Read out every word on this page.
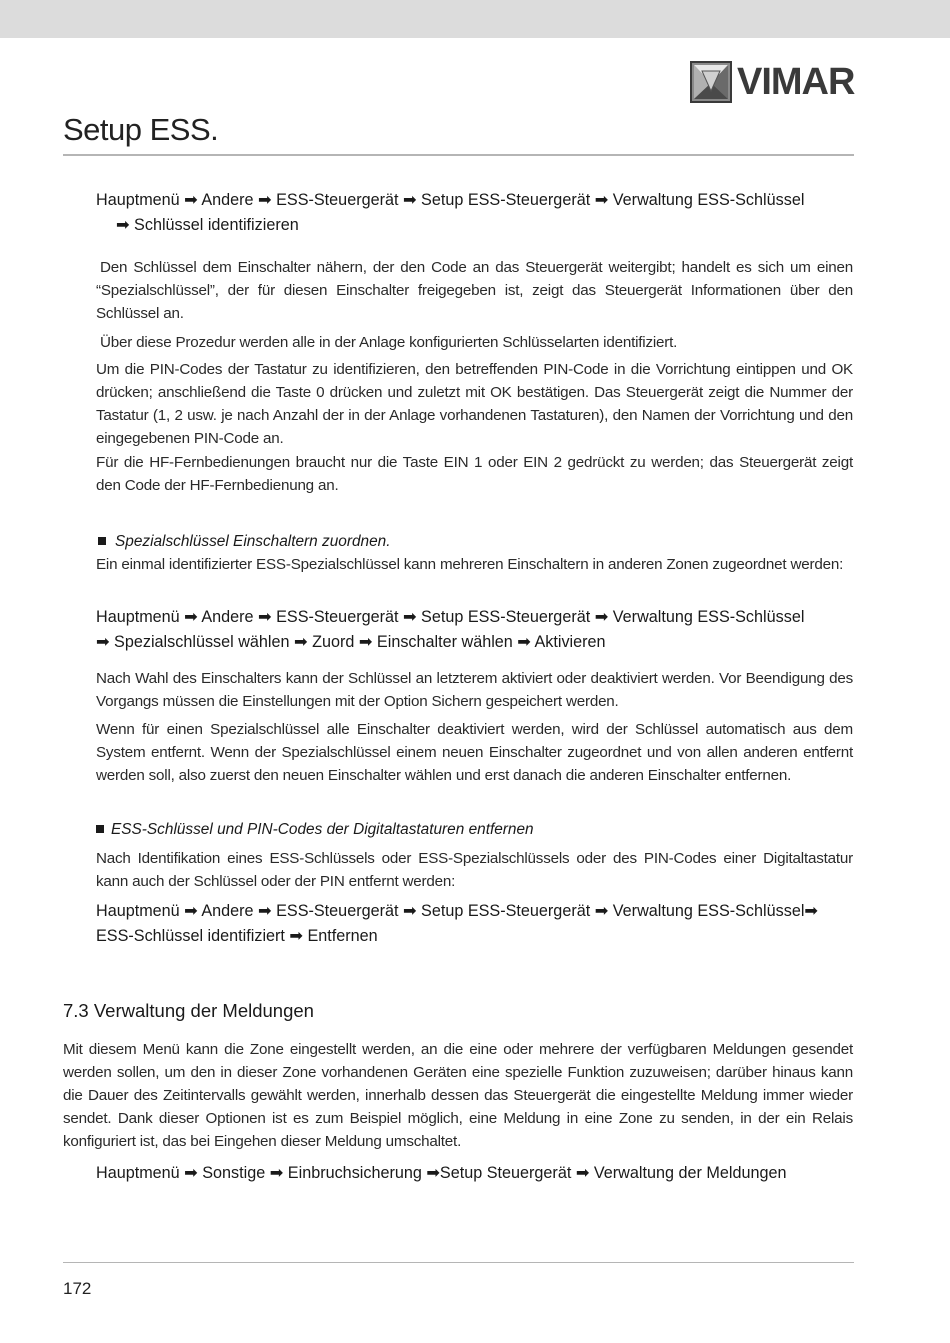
VIMAR
Setup ESS.
Hauptmenü ➡ Andere ➡ ESS-Steuergerät ➡ Setup ESS-Steuergerät ➡ Verwaltung ESS-Schlüssel
➡ Schlüssel identifizieren

Den Schlüssel dem Einschalter nähern, der den Code an das Steuergerät weitergibt; handelt es sich um einen “Spezialschlüssel”, der für diesen Einschalter freigegeben ist, zeigt das Steuergerät Informationen über den Schlüssel an.

Über diese Prozedur werden alle in der Anlage konfigurierten Schlüsselarten identifiziert.

Um die PIN-Codes der Tastatur zu identifizieren, den betreffenden PIN-Code in die Vorrichtung eintippen und OK drücken; anschließend die Taste 0 drücken und zuletzt mit OK bestätigen. Das Steuergerät zeigt die Nummer der Tastatur (1, 2 usw. je nach Anzahl der in der Anlage vorhandenen Tastaturen), den Namen der Vorrichtung und den eingegebenen PIN-Code an.

Für die HF-Fernbedienungen braucht nur die Taste EIN 1 oder EIN 2 gedrückt zu werden; das Steuergerät zeigt den Code der HF-Fernbedienung an.

Spezialschlüssel Einschaltern zuordnen.

Ein einmal identifizierter ESS-Spezialschlüssel kann mehreren Einschaltern in anderen Zonen zugeordnet werden:

Hauptmenü ➡ Andere ➡ ESS-Steuergerät ➡ Setup ESS-Steuergerät ➡ Verwaltung ESS-Schlüssel
➡ Spezialschlüssel wählen ➡ Zuord ➡ Einschalter wählen ➡ Aktivieren

Nach Wahl des Einschalters kann der Schlüssel an letzterem aktiviert oder deaktiviert werden. Vor Beendigung des Vorgangs müssen die Einstellungen mit der Option Sichern gespeichert werden.

Wenn für einen Spezialschlüssel alle Einschalter deaktiviert werden, wird der Schlüssel automatisch aus dem System entfernt. Wenn der Spezialschlüssel einem neuen Einschalter zugeordnet und von allen anderen entfernt werden soll, also zuerst den neuen Einschalter wählen und erst danach die anderen Einschalter entfernen.

ESS-Schlüssel und PIN-Codes der Digitaltastaturen entfernen

Nach Identifikation eines ESS-Schlüssels oder ESS-Spezialschlüssels oder des PIN-Codes einer Digitaltastatur kann auch der Schlüssel oder der PIN entfernt werden:

Hauptmenü ➡ Andere ➡ ESS-Steuergerät ➡ Setup ESS-Steuergerät ➡ Verwaltung ESS-Schlüssel➡
ESS-Schlüssel identifiziert ➡ Entfernen
7.3 Verwaltung der Meldungen

Mit diesem Menü kann die Zone eingestellt werden, an die eine oder mehrere der verfügbaren Meldungen gesendet werden sollen, um den in dieser Zone vorhandenen Geräten eine spezielle Funktion zuzuweisen; darüber hinaus kann die Dauer des Zeitintervalls gewählt werden, innerhalb dessen das Steuergerät die eingestellte Meldung immer wieder sendet. Dank dieser Optionen ist es zum Beispiel möglich, eine Meldung in eine Zone zu senden, in der ein Relais konfiguriert ist, das bei Eingehen dieser Meldung umschaltet.

Hauptmenü ➡ Sonstige ➡ Einbruchsicherung ➡Setup Steuergerät ➡ Verwaltung der Meldungen
172
